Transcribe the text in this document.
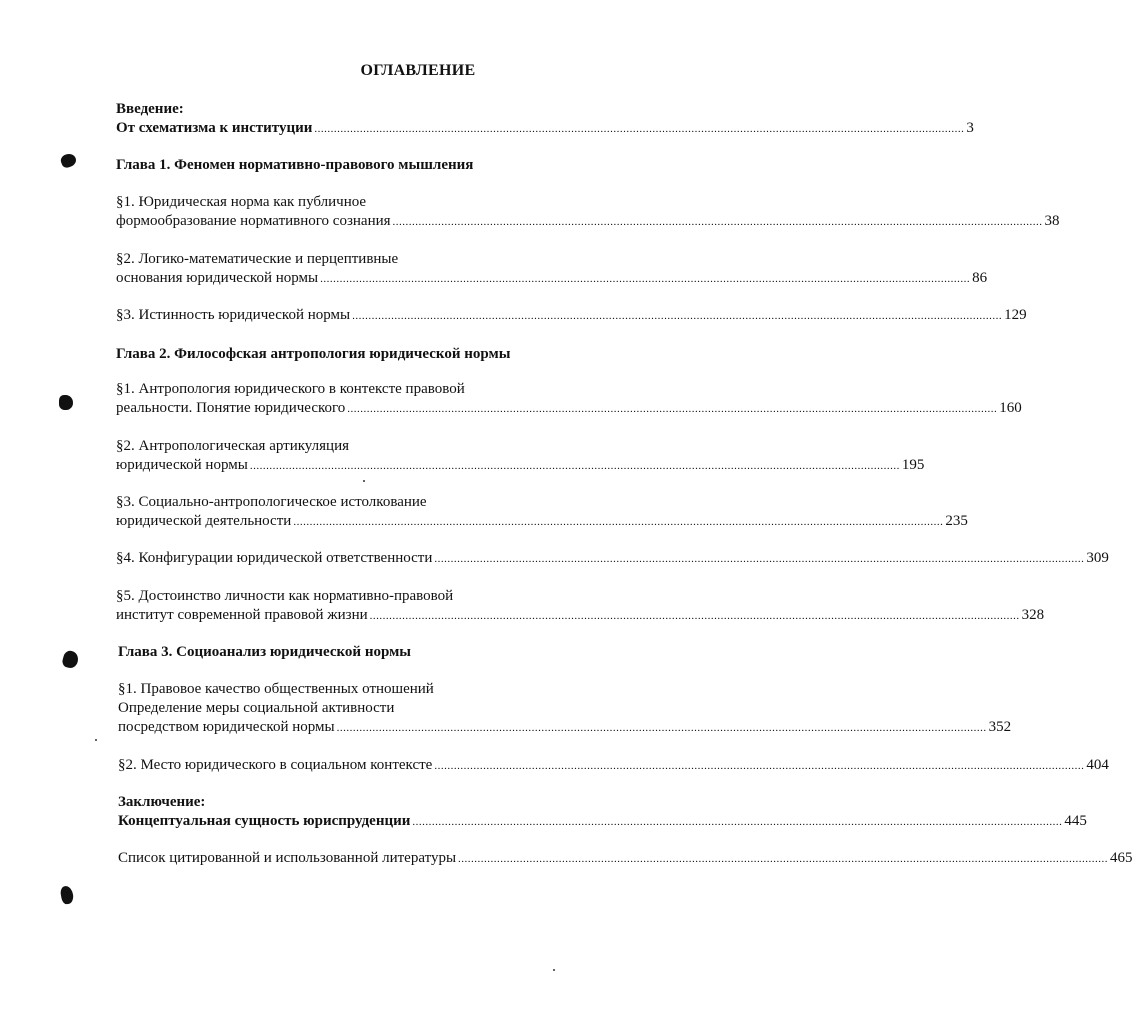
ОГЛАВЛЕНИЕ
Введение:
От схематизма к институции ........................................................................................................................................................................................................ 3
Глава 1. Феномен нормативно-правового мышления
§1. Юридическая норма как публичное
формообразование нормативного сознания ........................................................................................................................................................................................................ 38
§2. Логико-математические и перцептивные
основания юридической нормы ........................................................................................................................................................................................................ 86
§3. Истинность юридической нормы ........................................................................................................................................................................................................ 129
Глава 2. Философская антропология юридической нормы
§1. Антропология юридического в контексте правовой
реальности. Понятие юридического ........................................................................................................................................................................................................ 160
§2. Антропологическая артикуляция
юридической нормы ........................................................................................................................................................................................................ 195
§3. Социально-антропологическое истолкование
юридической деятельности ........................................................................................................................................................................................................ 235
§4. Конфигурации юридической ответственности ........................................................................................................................................................................................................ 309
§5. Достоинство личности как нормативно-правовой
институт современной правовой жизни ........................................................................................................................................................................................................ 328
Глава 3. Социоанализ юридической нормы
§1. Правовое качество общественных отношений
Определение меры социальной активности
посредством юридической нормы ........................................................................................................................................................................................................ 352
§2. Место юридического в социальном контексте ........................................................................................................................................................................................................ 404
Заключение:
Концептуальная сущность юриспруденции ........................................................................................................................................................................................................ 445
Список цитированной и использованной литературы ........................................................................................................................................................................................................ 465
